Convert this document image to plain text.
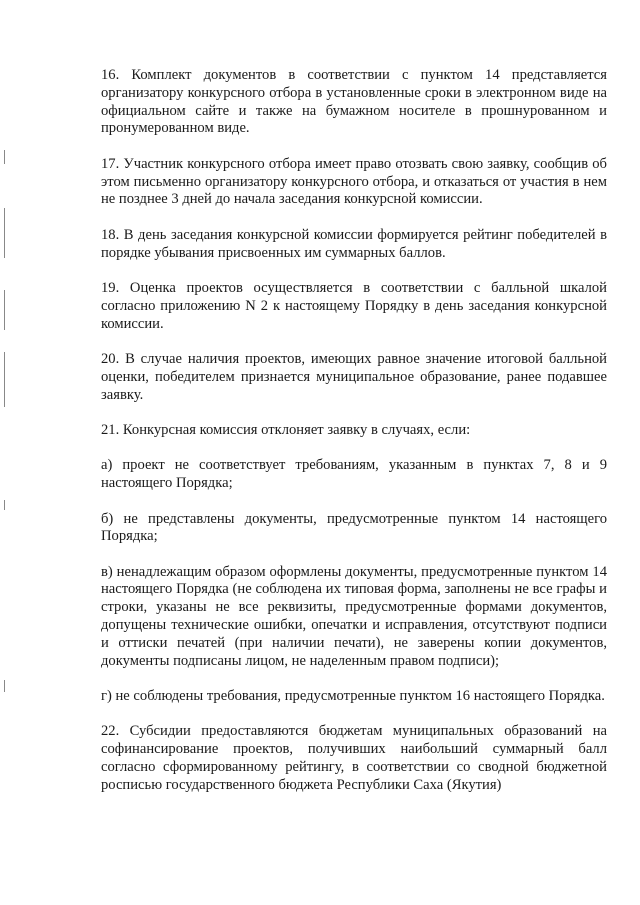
16. Комплект документов в соответствии с пунктом 14 представляется организатору конкурсного отбора в установленные сроки в электронном виде на официальном сайте и также на бумажном носителе в прошнурованном и пронумерованном виде.

17. Участник конкурсного отбора имеет право отозвать свою заявку, сообщив об этом письменно организатору конкурсного отбора, и отказаться от участия в нем не позднее 3 дней до начала заседания конкурсной комиссии.

18. В день заседания конкурсной комиссии формируется рейтинг победителей в порядке убывания присвоенных им суммарных баллов.

19. Оценка проектов осуществляется в соответствии с балльной шкалой согласно приложению N 2 к настоящему Порядку в день заседания конкурсной комиссии.

20. В случае наличия проектов, имеющих равное значение итоговой балльной оценки, победителем признается муниципальное образование, ранее подавшее заявку.

21. Конкурсная комиссия отклоняет заявку в случаях, если:

а) проект не соответствует требованиям, указанным в пунктах 7, 8 и 9 настоящего Порядка;

б) не представлены документы, предусмотренные пунктом 14 настоящего Порядка;

в) ненадлежащим образом оформлены документы, предусмотренные пунктом 14 настоящего Порядка (не соблюдена их типовая форма, заполнены не все графы и строки, указаны не все реквизиты, предусмотренные формами документов, допущены технические ошибки, опечатки и исправления, отсутствуют подписи и оттиски печатей (при наличии печати), не заверены копии документов, документы подписаны лицом, не наделенным правом подписи);

г) не соблюдены требования, предусмотренные пунктом 16 настоящего Порядка.

22. Субсидии предоставляются бюджетам муниципальных образований на софинансирование проектов, получивших наибольший суммарный балл согласно сформированному рейтингу, в соответствии со сводной бюджетной росписью государственного бюджета Республики Саха (Якутия)
